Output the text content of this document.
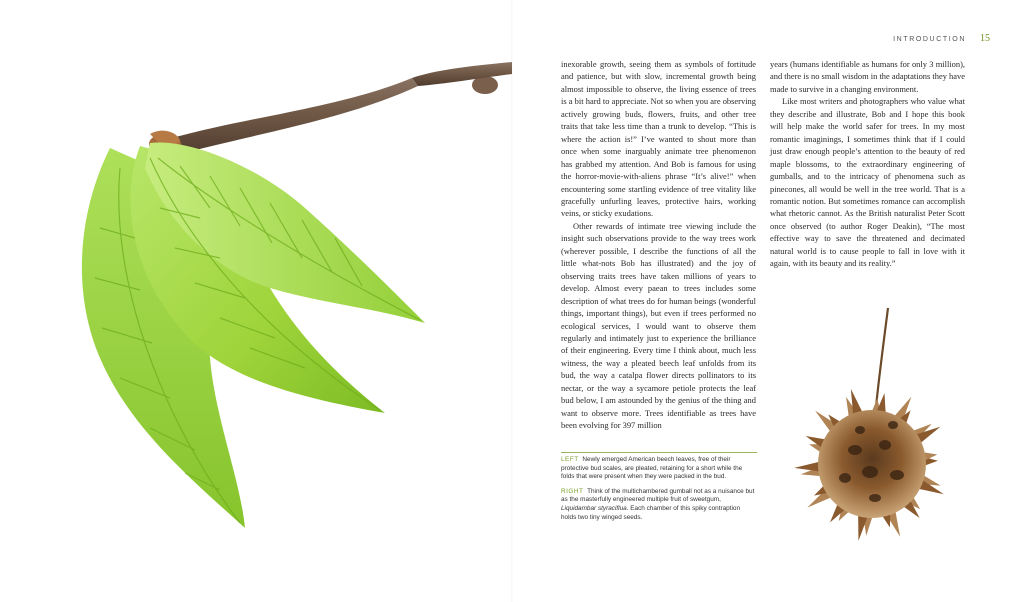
INTRODUCTION 15

inexorable growth, seeing them as symbols of fortitude and patience, but with slow, incremental growth being almost impossible to observe, the living essence of trees is a bit hard to appreciate. Not so when you are observing actively growing buds, flowers, fruits, and other tree traits that take less time than a trunk to develop. “This is where the action is!” I’ve wanted to shout more than once when some inarguably animate tree phenomenon has grabbed my attention. And Bob is famous for using the horror-movie-with-aliens phrase “It’s alive!” when encountering some startling evidence of tree vitality like gracefully unfurling leaves, protective hairs, working veins, or sticky exudations.

Other rewards of intimate tree viewing include the insight such observations provide to the way trees work (wherever possible, I describe the functions of all the little what-nots Bob has illustrated) and the joy of observing traits trees have taken millions of years to develop. Almost every paean to trees includes some description of what trees do for human beings (wonderful things, important things), but even if trees performed no ecological services, I would want to observe them regularly and intimately just to experience the brilliance of their engineering. Every time I think about, much less witness, the way a pleated beech leaf unfolds from its bud, the way a catalpa flower directs pollinators to its nectar, or the way a sycamore petiole protects the leaf bud below, I am astounded by the genius of the thing and want to observe more. Trees identifiable as trees have been evolving for 397 million

years (humans identifiable as humans for only 3 million), and there is no small wisdom in the adaptations they have made to survive in a changing environment.

Like most writers and photographers who value what they describe and illustrate, Bob and I hope this book will help make the world safer for trees. In my most romantic imaginings, I sometimes think that if I could just draw enough people’s attention to the beauty of red maple blossoms, to the extraordinary engineering of gumballs, and to the intricacy of phenomena such as pinecones, all would be well in the tree world. That is a romantic notion. But sometimes romance can accomplish what rhetoric cannot. As the British naturalist Peter Scott once observed (to author Roger Deakin), “The most effective way to save the threatened and decimated natural world is to cause people to fall in love with it again, with its beauty and its reality.”

LEFT Newly emerged American beech leaves, free of their protective bud scales, are pleated, retaining for a short while the folds that were present when they were packed in the bud.

RIGHT Think of the multichambered gumball not as a nuisance but as the masterfully engineered multiple fruit of sweetgum, Liquidambar styraciflua. Each chamber of this spiky contraption holds two tiny winged seeds.
